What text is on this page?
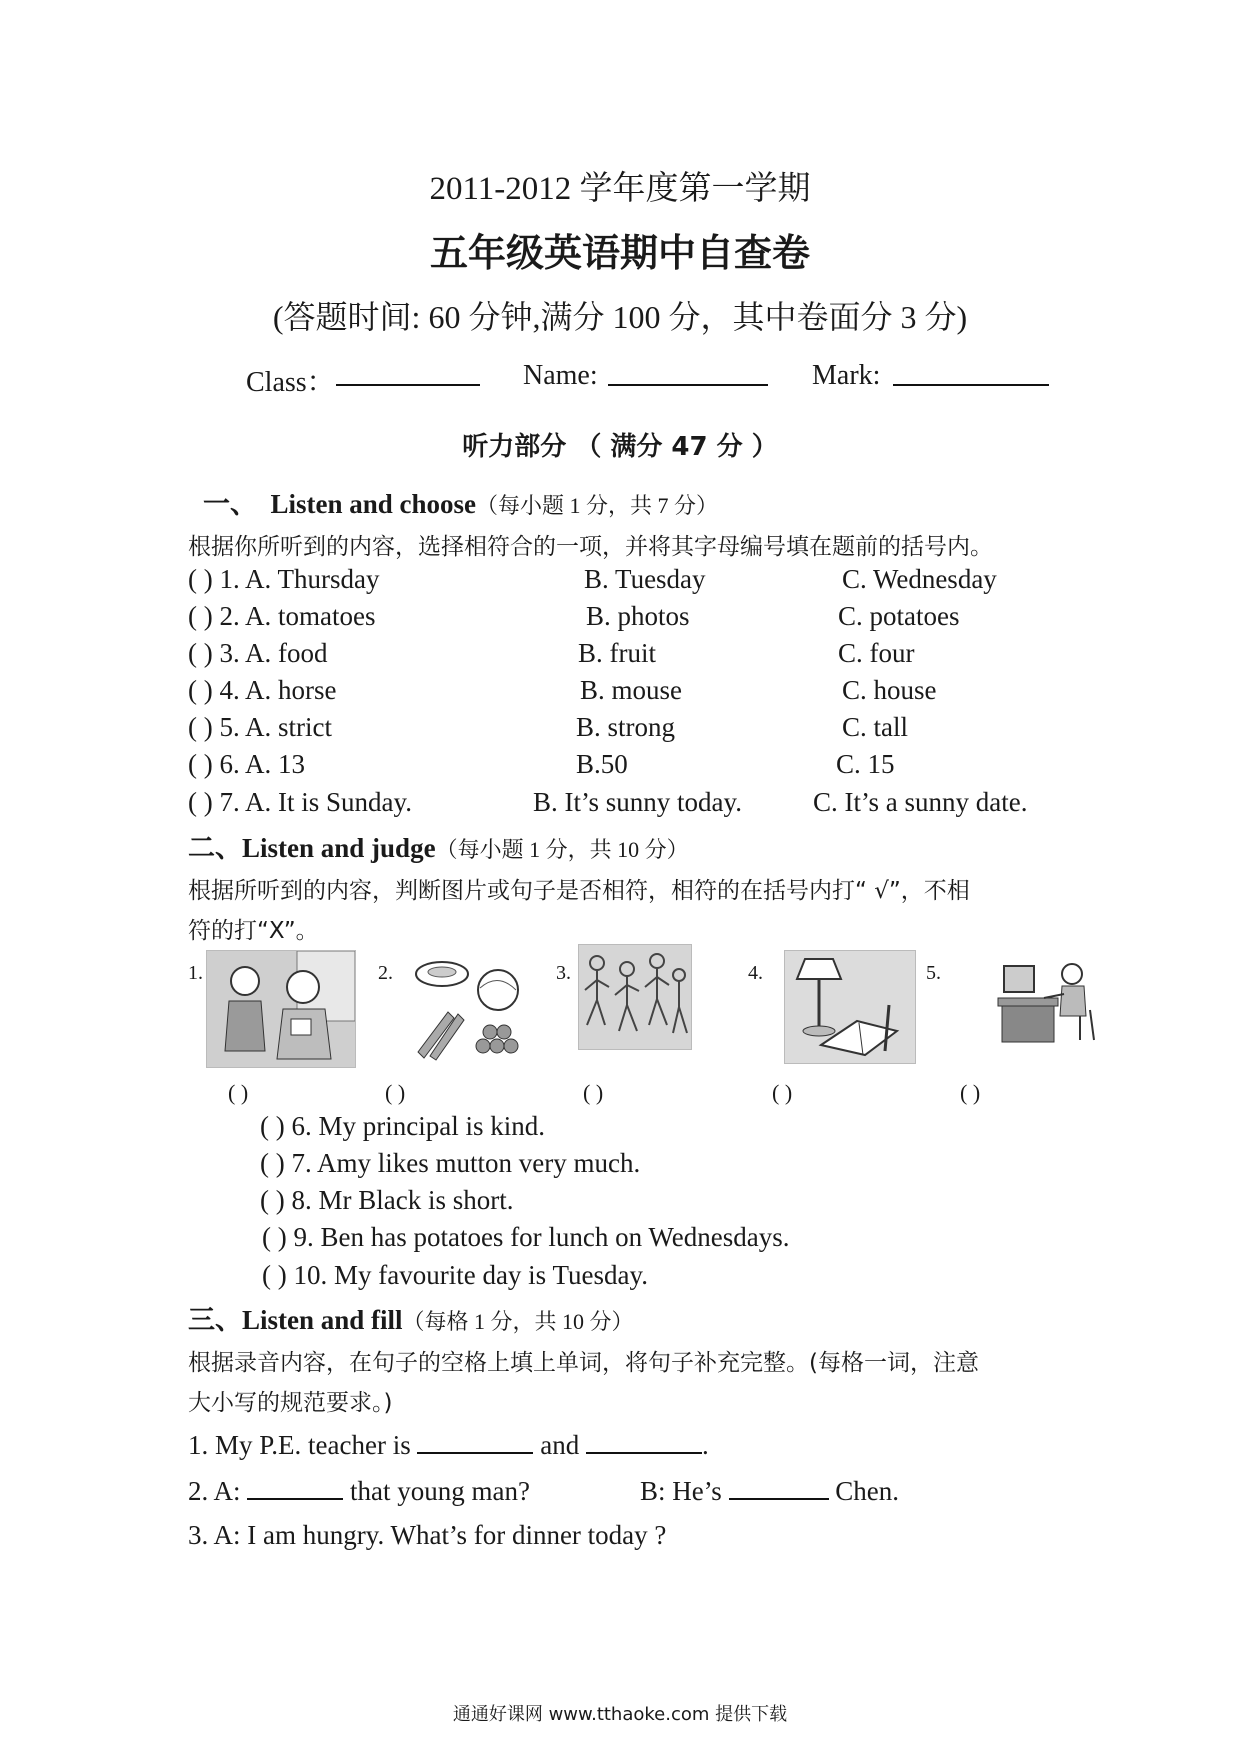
2011-2012 学年度第一学期
五年级英语期中自查卷
(答题时间: 60 分钟,满分 100 分，其中卷面分 3 分)
Class：	Name:	Mark:
听力部分 （ 满分 47 分 ）
一、 Listen and choose（每小题 1 分，共 7 分）
根据你所听到的内容，选择相符合的一项，并将其字母编号填在题前的括号内。
( ) 1. A. Thursday	B. Tuesday	C. Wednesday
( ) 2. A. tomatoes	B. photos	C. potatoes
( ) 3. A. food	B. fruit	C. four
( ) 4. A. horse	B. mouse	C. house
( ) 5. A. strict	B. strong	C. tall
( ) 6. A. 13	B.50	C. 15
( ) 7. A. It is Sunday.	B. It’s sunny today.	C. It’s a sunny date.
二、Listen and judge（每小题 1 分，共 10 分）
根据所听到的内容，判断图片或句子是否相符，相符的在括号内打“ √”，不相
符的打“X”。
1.	2.	3.	4.	5.
( )	( )	( )	( )	( )
( ) 6. My principal is kind.
( ) 7. Amy likes mutton very much.
( ) 8. Mr Black is short.
( ) 9. Ben has potatoes for lunch on Wednesdays.
( ) 10. My favourite day is Tuesday.
三、Listen and fill（每格 1 分，共 10 分）
根据录音内容，在句子的空格上填上单词，将句子补充完整。(每格一词，注意
大小写的规范要求。)
1. My P.E. teacher is	and	.
2. A:	that young man?	B: He’s	Chen.
3. A: I am hungry. What’s for dinner today ?
通通好课网 www.tthaoke.com 提供下载
